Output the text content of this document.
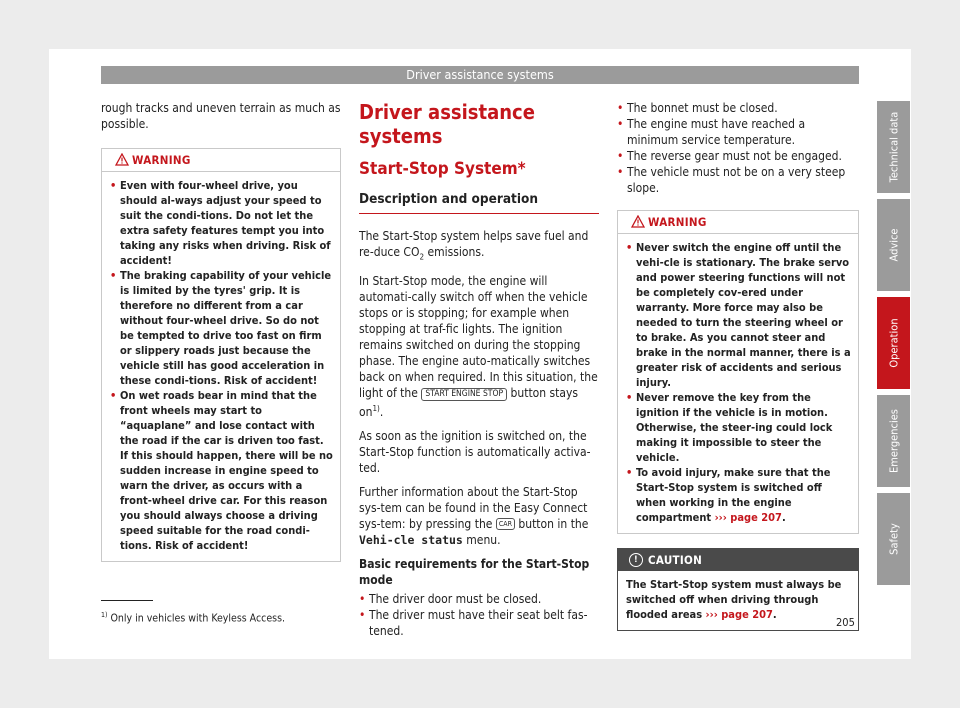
Driver assistance systems

rough tracks and uneven terrain as much as possible.

WARNING
• Even with four-wheel drive, you should al-ways adjust your speed to suit the condi-tions. Do not let the extra safety features tempt you into taking any risks when driving. Risk of accident!
• The braking capability of your vehicle is limited by the tyres' grip. It is therefore no different from a car without four-wheel drive. So do not be tempted to drive too fast on firm or slippery roads just because the vehicle still has good acceleration in these condi-tions. Risk of accident!
• On wet roads bear in mind that the front wheels may start to “aquaplane” and lose contact with the road if the car is driven too fast. If this should happen, there will be no sudden increase in engine speed to warn the driver, as occurs with a front-wheel drive car. For this reason you should always choose a driving speed suitable for the road condi-tions. Risk of accident!
Driver assistance systems
Start-Stop System*
Description and operation

The Start-Stop system helps save fuel and re-duce $CO_2$ emissions.

In Start-Stop mode, the engine will automati-cally switch off when the vehicle stops or is stopping; for example when stopping at traf-fic lights. The ignition remains switched on during the stopping phase. The engine auto-matically switches back on when required. In this situation, the light of the START ENGINE STOP button stays $on^{1)}$.

As soon as the ignition is switched on, the Start-Stop function is automatically activa-ted.

Further information about the Start-Stop sys-tem can be found in the Easy Connect sys-tem: by pressing the CAR button in the Vehi-cle status menu.

Basic requirements for the Start-Stop mode
• The driver door must be closed.
• The driver must have their seat belt fas-tened.
• The bonnet must be closed.
• The engine must have reached a minimum service temperature.
• The reverse gear must not be engaged.
• The vehicle must not be on a very steep slope.
WARNING
• Never switch the engine off until the vehi-cle is stationary. The brake servo and power steering functions will not be completely cov-ered under warranty. More force may also be needed to turn the steering wheel or to brake. As you cannot steer and brake in the normal manner, there is a greater risk of accidents and serious injury.
• Never remove the key from the ignition if the vehicle is in motion. Otherwise, the steer-ing could lock making it impossible to steer the vehicle.
• To avoid injury, make sure that the Start-Stop system is switched off when working in the engine compartment ››› page 207.
! CAUTION
The Start-Stop system must always be switched off when driving through flooded areas ››› page 207.
Technical data
Advice
Operation
Emergencies
Safety
$^{1)}$ Only in vehicles with Keyless Access.	205
